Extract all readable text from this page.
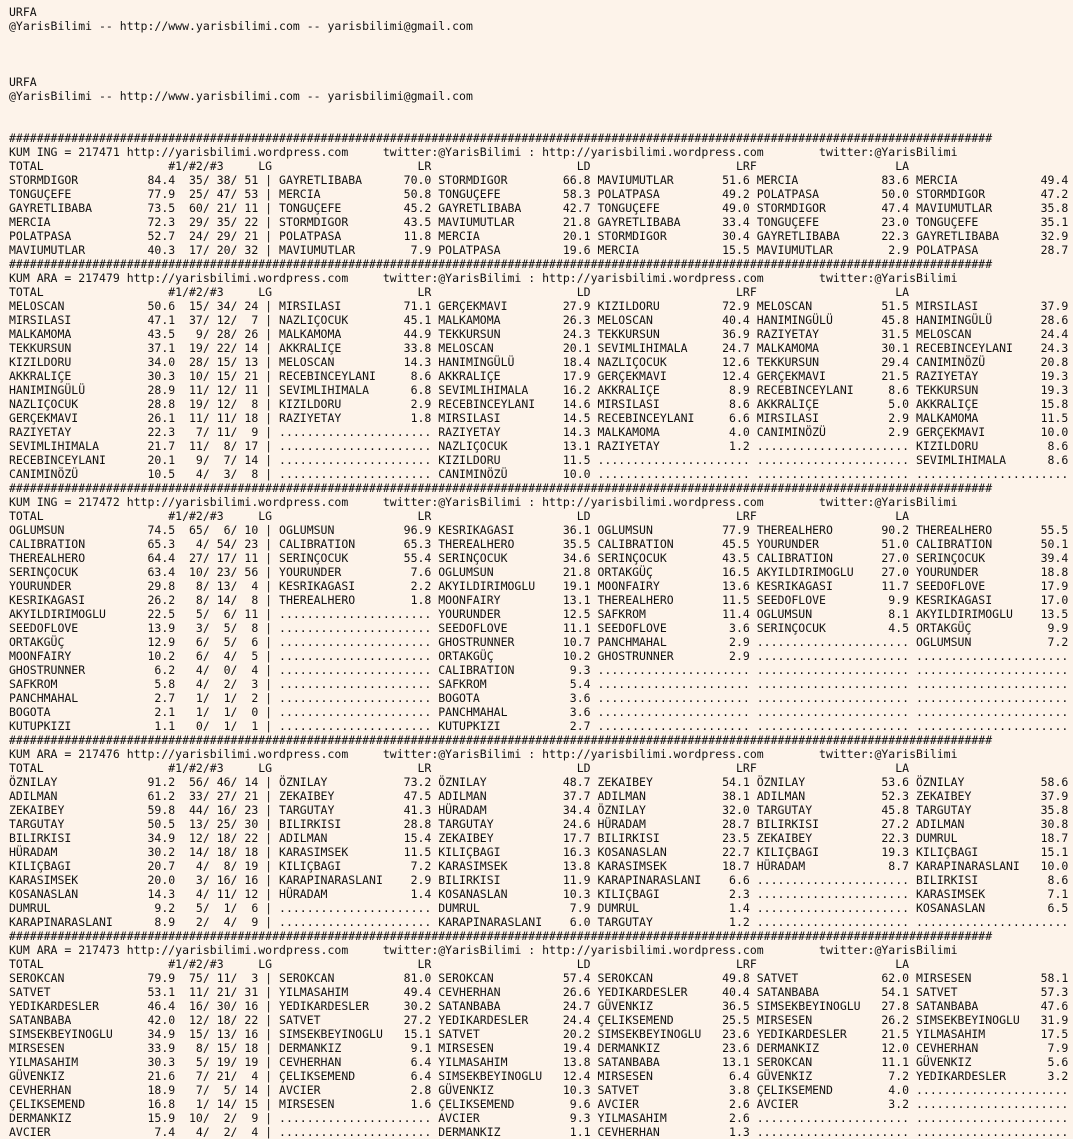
URFA
@YarisBilimi -- http://www.yarisbilimi.com -- yarisbilimi@gmail.com
URFA
@YarisBilimi -- http://www.yarisbilimi.com -- yarisbilimi@gmail.com
##############################################################################################################################################
KUM ING = 217471 http://yarisbilimi.wordpress.com     twitter:@YarisBilimi : http://yarisbilimi.wordpress.com        twitter:@YarisBilimi
TOTAL                  #1/#2/#3     LG                     LR                     LD                     LRF                    LA
STORMDIGOR          84.4  35/ 38/ 51 | GAYRETLIBABA      70.0 STORMDIGOR        66.8 MAVIUMUTLAR       51.6 MERCIA            83.6 MERCIA            49.4
TONGUÇEFE           77.9  25/ 47/ 53 | MERCIA            50.8 TONGUÇEFE         58.3 POLATPASA         49.2 POLATPASA         50.0 STORMDIGOR        47.2
GAYRETLIBABA        73.5  60/ 21/ 11 | TONGUÇEFE         45.2 GAYRETLIBABA      42.7 TONGUÇEFE         49.0 STORMDIGOR        47.4 MAVIUMUTLAR       35.8
MERCIA              72.3  29/ 35/ 22 | STORMDIGOR        43.5 MAVIUMUTLAR       21.8 GAYRETLIBABA      33.4 TONGUÇEFE         23.0 TONGUÇEFE         35.1
POLATPASA           52.7  24/ 29/ 21 | POLATPASA         11.8 MERCIA            20.1 STORMDIGOR        30.4 GAYRETLIBABA      22.3 GAYRETLIBABA      32.9
MAVIUMUTLAR         40.3  17/ 20/ 32 | MAVIUMUTLAR        7.9 POLATPASA         19.6 MERCIA            15.5 MAVIUMUTLAR        2.9 POLATPASA         28.7
##############################################################################################################################################
KUM ARA = 217479 http://yarisbilimi.wordpress.com     twitter:@YarisBilimi : http://yarisbilimi.wordpress.com        twitter:@YarisBilimi
TOTAL                  #1/#2/#3     LG                     LR                     LD                     LRF                    LA
MELOSCAN            50.6  15/ 34/ 24 | MIRSILASI         71.1 GERÇEKMAVI        27.9 KIZILDORU         72.9 MELOSCAN          51.5 MIRSILASI         37.9
MIRSILASI           47.1  37/ 12/  7 | NAZLIÇOCUK        45.1 MALKAMOMA         26.3 MELOSCAN          40.4 HANIMINGÜLÜ       45.8 HANIMINGÜLÜ       28.6
MALKAMOMA           43.5   9/ 28/ 26 | MALKAMOMA         44.9 TEKKURSUN         24.3 TEKKURSUN         36.9 RAZIYETAY         31.5 MELOSCAN          24.4
TEKKURSUN           37.1  19/ 22/ 14 | AKKRALIÇE         33.8 MELOSCAN          20.1 SEVIMLIHIMALA     24.7 MALKAMOMA         30.1 RECEBINCEYLANI    24.3
KIZILDORU           34.0  28/ 15/ 13 | MELOSCAN          14.3 HANIMINGÜLÜ       18.4 NAZLIÇOCUK        12.6 TEKKURSUN         29.4 CANIMINÖZÜ        20.8
AKKRALIÇE           30.3  10/ 15/ 21 | RECEBINCEYLANI     8.6 AKKRALIÇE         17.9 GERÇEKMAVI        12.4 GERÇEKMAVI        21.5 RAZIYETAY         19.3
HANIMINGÜLÜ         28.9  11/ 12/ 11 | SEVIMLIHIMALA      6.8 SEVIMLIHIMALA     16.2 AKKRALIÇE          8.9 RECEBINCEYLANI     8.6 TEKKURSUN         19.3
NAZLIÇOCUK          28.8  19/ 12/  8 | KIZILDORU          2.9 RECEBINCEYLANI    14.6 MIRSILASI          8.6 AKKRALIÇE          5.0 AKKRALIÇE         15.8
GERÇEKMAVI          26.1  11/ 11/ 18 | RAZIYETAY          1.8 MIRSILASI         14.5 RECEBINCEYLANI     6.6 MIRSILASI          2.9 MALKAMOMA         11.5
RAZIYETAY           22.3   7/ 11/  9 | ...................... RAZIYETAY         14.3 MALKAMOMA          4.0 CANIMINÖZÜ         2.9 GERÇEKMAVI        10.0
SEVIMLIHIMALA       21.7  11/  8/ 17 | ...................... NAZLIÇOCUK        13.1 RAZIYETAY          1.2 ...................... KIZILDORU          8.6
RECEBINCEYLANI      20.1   9/  7/ 14 | ...................... KIZILDORU         11.5 ...................... ...................... SEVIMLIHIMALA      8.6
CANIMINÖZÜ          10.5   4/  3/  8 | ...................... CANIMINÖZÜ        10.0 ...................... ...................... ......................
##############################################################################################################################################
KUM ING = 217472 http://yarisbilimi.wordpress.com     twitter:@YarisBilimi : http://yarisbilimi.wordpress.com        twitter:@YarisBilimi
TOTAL                  #1/#2/#3     LG                     LR                     LD                     LRF                    LA
OGLUMSUN            74.5  65/  6/ 10 | OGLUMSUN          96.9 KESRIKAGASI       36.1 OGLUMSUN          77.9 THEREALHERO       90.2 THEREALHERO       55.5
CALIBRATION         65.3   4/ 54/ 23 | CALIBRATION       65.3 THEREALHERO       35.5 CALIBRATION       45.5 YOURUNDER         51.0 CALIBRATION       50.1
THEREALHERO         64.4  27/ 17/ 11 | SERINÇOCUK        55.4 SERINÇOCUK        34.6 SERINÇOCUK        43.5 CALIBRATION       27.0 SERINÇOCUK        39.4
SERINÇOCUK          63.4  10/ 23/ 56 | YOURUNDER          7.6 OGLUMSUN          21.8 ORTAKGÜÇ          16.5 AKYILDIRIMOGLU    27.0 YOURUNDER         18.8
YOURUNDER           29.8   8/ 13/  4 | KESRIKAGASI        2.2 AKYILDIRIMOGLU    19.1 MOONFAIRY         13.6 KESRIKAGASI       11.7 SEEDOFLOVE        17.9
KESRIKAGASI         26.2   8/ 14/  8 | THEREALHERO        1.8 MOONFAIRY         13.1 THEREALHERO       11.5 SEEDOFLOVE         9.9 KESRIKAGASI       17.0
AKYILDIRIMOGLU      22.5   5/  6/ 11 | ...................... YOURUNDER         12.5 SAFKROM           11.4 OGLUMSUN           8.1 AKYILDIRIMOGLU    13.5
SEEDOFLOVE          13.9   3/  5/  8 | ...................... SEEDOFLOVE        11.1 SEEDOFLOVE         3.6 SERINÇOCUK         4.5 ORTAKGÜÇ           9.9
ORTAKGÜÇ            12.9   6/  5/  6 | ...................... GHOSTRUNNER       10.7 PANCHMAHAL         2.9 ...................... OGLUMSUN           7.2
MOONFAIRY           10.2   6/  4/  5 | ...................... ORTAKGÜÇ          10.2 GHOSTRUNNER        2.9 ...................... ......................
GHOSTRUNNER          6.2   4/  0/  4 | ...................... CALIBRATION        9.3 ...................... ...................... ......................
SAFKROM              5.8   4/  2/  3 | ...................... SAFKROM            5.4 ...................... ...................... ......................
PANCHMAHAL           2.7   1/  1/  2 | ...................... BOGOTA             3.6 ...................... ...................... ......................
BOGOTA               2.1   1/  1/  0 | ...................... PANCHMAHAL         3.6 ...................... ...................... ......................
KUTUPKIZI            1.1   0/  1/  1 | ...................... KUTUPKIZI          2.7 ...................... ...................... ......................
##############################################################################################################################################
KUM ARA = 217476 http://yarisbilimi.wordpress.com     twitter:@YarisBilimi : http://yarisbilimi.wordpress.com        twitter:@YarisBilimi
TOTAL                  #1/#2/#3     LG                     LR                     LD                     LRF                    LA
ÖZNILAY             91.2  56/ 46/ 14 | ÖZNILAY           73.2 ÖZNILAY           48.7 ZEKAIBEY          54.1 ÖZNILAY           53.6 ÖZNILAY           58.6
ADILMAN             61.2  33/ 27/ 21 | ZEKAIBEY          47.5 ADILMAN           37.7 ADILMAN           38.1 ADILMAN           52.3 ZEKAIBEY          37.9
ZEKAIBEY            59.8  44/ 16/ 23 | TARGUTAY          41.3 HÜRADAM           34.4 ÖZNILAY           32.0 TARGUTAY          45.8 TARGUTAY          35.8
TARGUTAY            50.5  13/ 25/ 30 | BILIRKISI         28.8 TARGUTAY          24.6 HÜRADAM           28.7 BILIRKISI         27.2 ADILMAN           30.8
BILIRKISI           34.9  12/ 18/ 22 | ADILMAN           15.4 ZEKAIBEY          17.7 BILIRKISI         23.5 ZEKAIBEY          22.3 DUMRUL            18.7
HÜRADAM             30.2  14/ 18/ 18 | KARASIMSEK        11.5 KILIÇBAGI         16.3 KOSANASLAN        22.7 KILIÇBAGI         19.3 KILIÇBAGI         15.1
KILIÇBAGI           20.7   4/  8/ 19 | KILIÇBAGI          7.2 KARASIMSEK        13.8 KARASIMSEK        18.7 HÜRADAM            8.7 KARAPINARASLANI   10.0
KARASIMSEK          20.0   3/ 16/ 16 | KARAPINARASLANI    2.9 BILIRKISI         11.9 KARAPINARASLANI    6.6 ...................... BILIRKISI          8.6
KOSANASLAN          14.3   4/ 11/ 12 | HÜRADAM            1.4 KOSANASLAN        10.3 KILIÇBAGI          2.3 ...................... KARASIMSEK         7.1
DUMRUL               9.2   5/  1/  6 | ...................... DUMRUL             7.9 DUMRUL             1.4 ...................... KOSANASLAN         6.5
KARAPINARASLANI      8.9   2/  4/  9 | ...................... KARAPINARASLANI    6.0 TARGUTAY           1.2 ...................... ......................
##############################################################################################################################################
KUM ARA = 217473 http://yarisbilimi.wordpress.com     twitter:@YarisBilimi : http://yarisbilimi.wordpress.com        twitter:@YarisBilimi
TOTAL                  #1/#2/#3     LG                     LR                     LD                     LRF                    LA
SEROKCAN            79.9  75/ 11/  3 | SEROKCAN          81.0 SEROKCAN          57.4 SEROKCAN          49.8 SATVET            62.0 MIRSESEN          58.1
SATVET              53.1  11/ 21/ 31 | YILMASAHIM        49.4 CEVHERHAN         26.6 YEDIKARDESLER     40.4 SATANBABA         54.1 SATVET            57.3
YEDIKARDESLER       46.4  16/ 30/ 16 | YEDIKARDESLER     30.2 SATANBABA         24.7 GÜVENKIZ          36.5 SIMSEKBEYINOGLU   27.8 SATANBABA         47.6
SATANBABA           42.0  12/ 18/ 22 | SATVET            27.2 YEDIKARDESLER     24.4 ÇELIKSEMEND       25.5 MIRSESEN          26.2 SIMSEKBEYINOGLU   31.9
SIMSEKBEYINOGLU     34.9  15/ 13/ 16 | SIMSEKBEYINOGLU   15.1 SATVET            20.2 SIMSEKBEYINOGLU   23.6 YEDIKARDESLER     21.5 YILMASAHIM        17.5
MIRSESEN            33.9   8/ 15/ 18 | DERMANKIZ          9.1 MIRSESEN          19.4 DERMANKIZ         23.6 DERMANKIZ         12.0 CEVHERHAN          7.9
YILMASAHIM          30.3   5/ 19/ 19 | CEVHERHAN          6.4 YILMASAHIM        13.8 SATANBABA         13.1 SEROKCAN          11.1 GÜVENKIZ           5.6
GÜVENKIZ            21.6   7/ 21/  4 | ÇELIKSEMEND        6.4 SIMSEKBEYINOGLU   12.4 MIRSESEN           6.4 GÜVENKIZ           7.2 YEDIKARDESLER      3.2
CEVHERHAN           18.9   7/  5/ 14 | AVCIER             2.8 GÜVENKIZ          10.3 SATVET             3.8 ÇELIKSEMEND        4.0 ......................
ÇELIKSEMEND         16.8   1/ 14/ 15 | MIRSESEN           1.6 ÇELIKSEMEND        9.6 AVCIER             2.6 AVCIER             3.2 ......................
DERMANKIZ           15.9  10/  2/  9 | ...................... AVCIER             9.3 YILMASAHIM         2.6 ...................... ......................
AVCIER               7.4   4/  2/  4 | ...................... DERMANKIZ          1.1 CEVHERHAN          1.3 ...................... ......................
